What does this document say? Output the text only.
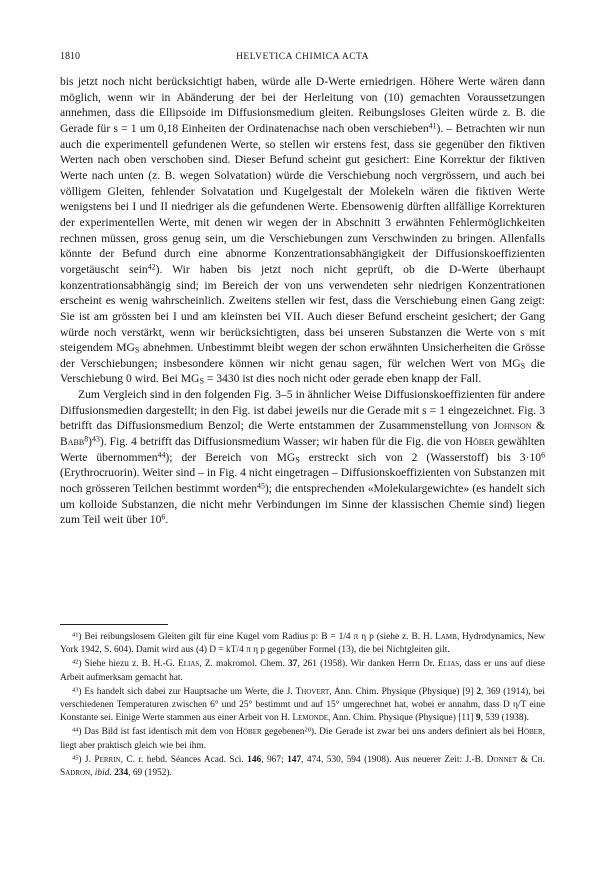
1810	HELVETICA CHIMICA ACTA

bis jetzt noch nicht berücksichtigt haben, würde alle D-Werte erniedrigen. Höhere Werte wären dann möglich, wenn wir in Abänderung der bei der Herleitung von (10) gemachten Voraussetzungen annehmen, dass die Ellipsoide im Diffusionsmedium gleiten. Reibungsloses Gleiten würde z. B. die Gerade für s = 1 um 0,18 Einheiten der Ordinatenachse nach oben verschieben$^{41}$). – Betrachten wir nun auch die experimentell gefundenen Werte, so stellen wir erstens fest, dass sie gegenüber den fiktiven Werten nach oben verschoben sind. Dieser Befund scheint gut gesichert: Eine Korrektur der fiktiven Werte nach unten (z. B. wegen Solvatation) würde die Verschiebung noch vergrössern, und auch bei völligem Gleiten, fehlender Solvatation und Kugelgestalt der Molekeln wären die fiktiven Werte wenigstens bei I und II niedriger als die gefundenen Werte. Ebensowenig dürften allfällige Korrekturen der experimentellen Werte, mit denen wir wegen der in Abschnitt 3 erwähnten Fehlermöglichkeiten rechnen müssen, gross genug sein, um die Verschiebungen zum Verschwinden zu bringen. Allenfalls könnte der Befund durch eine abnorme Konzentrationsabhängigkeit der Diffusionskoeffizienten vorgetäuscht sein$^{42}$). Wir haben bis jetzt noch nicht geprüft, ob die D-Werte überhaupt konzentrationsabhängig sind; im Bereich der von uns verwendeten sehr niedrigen Konzentrationen erscheint es wenig wahrscheinlich. Zweitens stellen wir fest, dass die Verschiebung einen Gang zeigt: Sie ist am grössten bei I und am kleinsten bei VII. Auch dieser Befund erscheint gesichert; der Gang würde noch verstärkt, wenn wir berücksichtigten, dass bei unseren Substanzen die Werte von s mit steigendem $MG_S$ abnehmen. Unbestimmt bleibt wegen der schon erwähnten Unsicherheiten die Grösse der Verschiebungen; insbesondere können wir nicht genau sagen, für welchen Wert von $MG_S$ die Verschiebung 0 wird. Bei $MG_S = 3430$ ist dies noch nicht oder gerade eben knapp der Fall.

Zum Vergleich sind in den folgenden Fig. 3–5 in ähnlicher Weise Diffusionskoeffizienten für andere Diffusionsmedien dargestellt; in den Fig. ist dabei jeweils nur die Gerade mit s = 1 eingezeichnet. Fig. 3 betrifft das Diffusionsmedium Benzol; die Werte entstammen der Zusammenstellung von Johnson & Babb$^8$)$^{43}$). Fig. 4 betrifft das Diffusionsmedium Wasser; wir haben für die Fig. die von Höber gewählten Werte übernommen$^{44}$); der Bereich von $MG_S$ erstreckt sich von 2 (Wasserstoff) bis $3\cdot 10^6$ (Erythrocruorin). Weiter sind – in Fig. 4 nicht eingetragen – Diffusionskoeffizienten von Substanzen mit noch grösseren Teilchen bestimmt worden$^{45}$); die entsprechenden «Molekulargewichte» (es handelt sich um kolloide Substanzen, die nicht mehr Verbindungen im Sinne der klassischen Chemie sind) liegen zum Teil weit über $10^6$.

$^{41}$) Bei reibungslosem Gleiten gilt für eine Kugel vom Radius p: B = 1/4 π η p (siehe z. B. H. Lamb, Hydrodynamics, New York 1942, S. 604). Damit wird aus (4) D = kT/4 π η p gegenüber Formel (13), die bei Nichtgleiten gilt.

$^{42}$) Siehe hiezu z. B. H.-G. Elias, Z. makromol. Chem. 37, 261 (1958). Wir danken Herrn Dr. Elias, dass er uns auf diese Arbeit aufmerksam gemacht hat.

$^{43}$) Es handelt sich dabei zur Hauptsache um Werte, die J. Thovert, Ann. Chim. Physique (Physique) [9] 2, 369 (1914), bei verschiedenen Temperaturen zwischen 6° und 25° bestimmt und auf 15° umgerechnet hat, wobei er annahm, dass D η/T eine Konstante sei. Einige Werte stammen aus einer Arbeit von H. Lemonde, Ann. Chim. Physique (Physique) [11] 9, 539 (1938).

$^{44}$) Das Bild ist fast identisch mit dem von Höber gegebenen$^{20}$). Die Gerade ist zwar bei uns anders definiert als bei Höber, liegt aber praktisch gleich wie bei ihm.

$^{45}$) J. Perrin, C. r. hebd. Séances Acad. Sci. 146, 967; 147, 474, 530, 594 (1908). Aus neuerer Zeit: J.-B. Donnet & Ch. Sadron, ibid. 234, 69 (1952).
